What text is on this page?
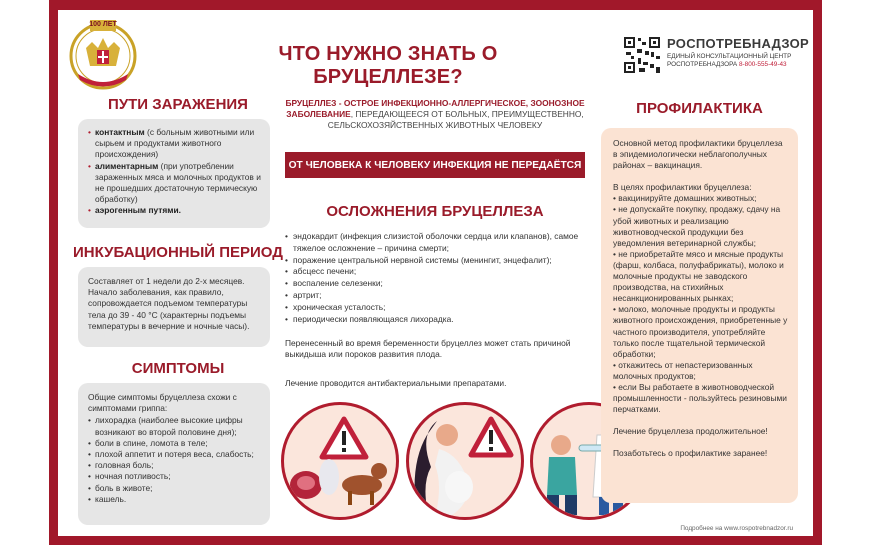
100 ЛЕТ
ЧТО НУЖНО ЗНАТЬ О БРУЦЕЛЛЕЗЕ?
РОСПОТРЕБНАДЗОР
ЕДИНЫЙ КОНСУЛЬТАЦИОННЫЙ ЦЕНТР
РОСПОТРЕБНАДЗОРА 8-800-555-49-43
ПУТИ ЗАРАЖЕНИЯ
• контактным (с больным животными или сырьем и продуктами животного происхождения)
• алиментарным (при употреблении зараженных мяса и молочных продуктов и не прошедших достаточную термическую обработку)
• аэрогенным путями.
ИНКУБАЦИОННЫЙ ПЕРИОД
Составляет от 1 недели до 2-х месяцев. Начало заболевания, как правило, сопровождается подъемом температуры тела до 39 - 40 °С (характерны подъемы температуры в вечерние и ночные часы).
СИМПТОМЫ
Общие симптомы бруцеллеза схожи с симптомами гриппа:
• лихорадка (наиболее высокие цифры возникают во второй половине дня);
• боли в спине, ломота в теле;
• плохой аппетит и потеря веса, слабость;
• головная боль;
• ночная потливость;
• боль в животе;
• кашель.
БРУЦЕЛЛЕЗ - ОСТРОЕ ИНФЕКЦИОННО-АЛЛЕРГИЧЕСКОЕ, ЗООНОЗНОЕ ЗАБОЛЕВАНИЕ, ПЕРЕДАЮЩЕЕСЯ ОТ БОЛЬНЫХ, ПРЕИМУЩЕСТВЕННО, СЕЛЬСКОХОЗЯЙСТВЕННЫХ ЖИВОТНЫХ ЧЕЛОВЕКУ
ОТ ЧЕЛОВЕКА К ЧЕЛОВЕКУ ИНФЕКЦИЯ НЕ ПЕРЕДАЁТСЯ
ОСЛОЖНЕНИЯ БРУЦЕЛЛЕЗА
• эндокардит (инфекция слизистой оболочки сердца или клапанов), самое тяжелое осложнение – причина смерти;
• поражение центральной нервной системы (менингит, энцефалит);
• абсцесс печени;
• воспаление селезенки;
• артрит;
• хроническая усталость;
• периодически появляющаяся лихорадка.
Перенесенный во время беременности бруцеллез может стать причиной выкидыша или пороков развития плода.
Лечение проводится антибактериальными препаратами.
ПРОФИЛАКТИКА

Основной метод профилактики бруцеллеза в эпидемиологически неблагополучных районах – вакцинация.

В целях профилактики бруцеллеза:

• вакцинируйте домашних животных;
• не допускайте покупку, продажу, сдачу на убой животных и реализацию животноводческой продукции без уведомления ветеринарной службы;
• не приобретайте мясо и мясные продукты (фарш, колбаса, полуфабрикаты), молоко и молочные продукты не заводского производства, на стихийных несанкционированных рынках;
• молоко, молочные продукты и продукты животного происхождения, приобретенные у частного производителя, употребляйте только после тщательной термической обработки;
• откажитесь от непастеризованных молочных продуктов;
• если Вы работаете в животноводческой промышленности - пользуйтесь резиновыми перчатками.

Лечение бруцеллеза продолжительное!

Позаботьтесь о профилактике заранее!

Подробнее на www.rospotrebnadzor.ru
